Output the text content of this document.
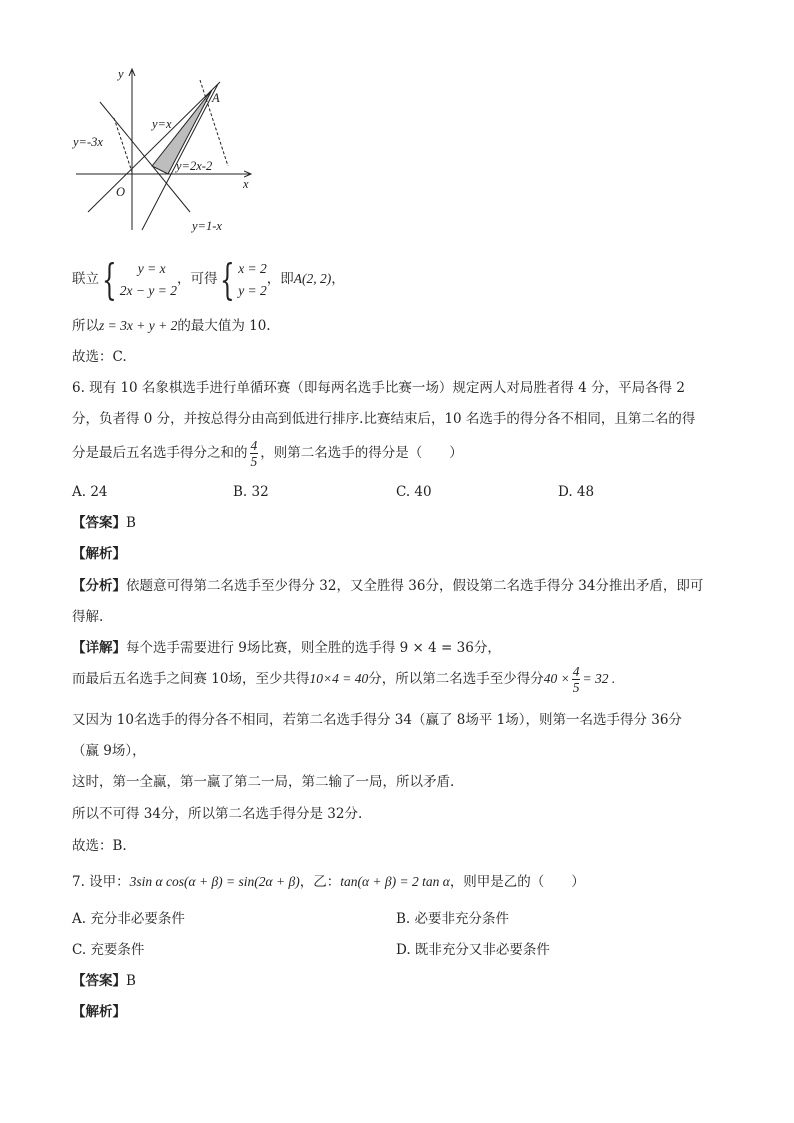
y
x
O
A
y=x
y=-3x
y=2x-2
y=1-x
联立{	y = x
2x − y = 2
，可得{ x = 2
y = 2
，即A(2, 2)，
所以z = 3x + y + 2的最大值为 10.
故选：C.
6. 现有 10 名象棋选手进行单循环赛（即每两名选手比赛一场）规定两人对局胜者得 4 分，平局各得 2
分，负者得 0 分，并按总得分由高到低进行排序.比赛结束后，10 名选手的得分各不相同，且第二名的得
分是最后五名选手得分之和的 $\frac{4}{5}$ ，则第二名选手的得分是（　　）
A. 24	B. 32	C. 40	D. 48
【答案】B
【解析】
【分析】依题意可得第二名选手至少得分 32，又全胜得 36分，假设第二名选手得分 34分推出矛盾，即可
得解.
【详解】每个选手需要进行 9场比赛，则全胜的选手得 9 × 4 = 36分，
而最后五名选手之间赛 10场，至少共得10×4 = 40分，所以第二名选手至少得分$40 \times \frac{4}{5} = 32$ .
又因为 10名选手的得分各不相同，若第二名选手得分 34（赢了 8场平 1场），则第一名选手得分 36分
（赢 9场），
这时，第一全赢，第一赢了第二一局，第二输了一局，所以矛盾.
所以不可得 34分，所以第二名选手得分是 32分.
故选：B.
7. 设甲：3sin α cos(α + β) = sin(2α + β)，乙：tan(α + β) = 2 tan α，则甲是乙的（　　）
A. 充分非必要条件	B. 必要非充分条件
C. 充要条件	D. 既非充分又非必要条件
【答案】B
【解析】
